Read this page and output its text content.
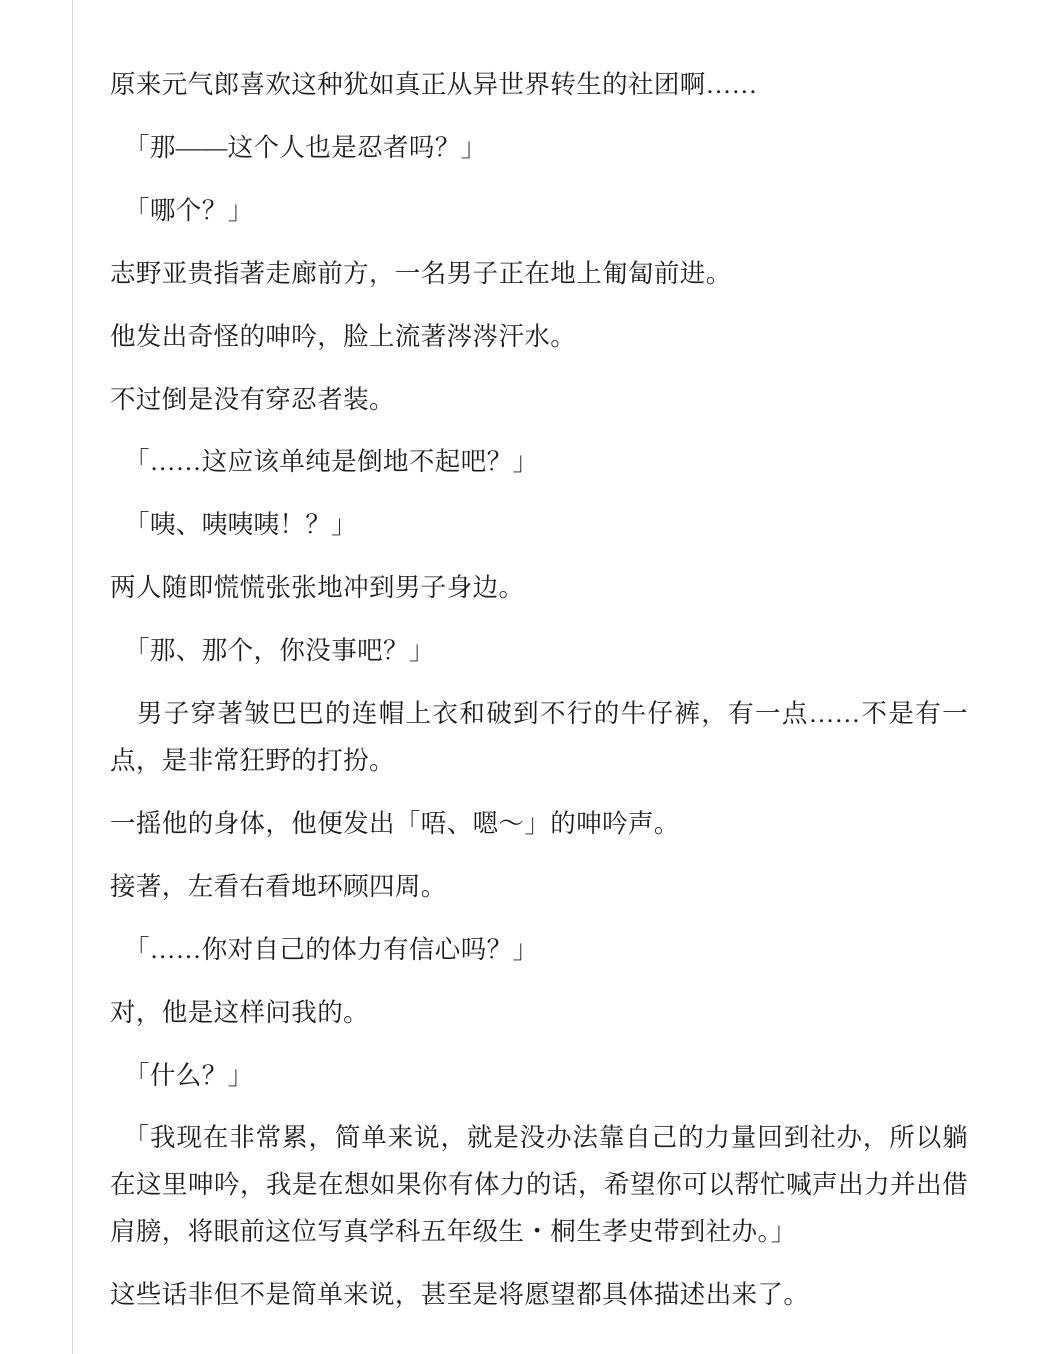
原来元气郎喜欢这种犹如真正从异世界转生的社团啊……

「那——这个人也是忍者吗？」

「哪个？」

志野亚贵指著走廊前方，一名男子正在地上匍匐前进。

他发出奇怪的呻吟，脸上流著涔涔汗水。

不过倒是没有穿忍者装。

「……这应该单纯是倒地不起吧？」

「咦、咦咦咦！？」

两人随即慌慌张张地冲到男子身边。

「那、那个，你没事吧？」

　男子穿著皱巴巴的连帽上衣和破到不行的牛仔裤，有一点……不是有一点，是非常狂野的打扮。

一摇他的身体，他便发出「唔、嗯～」的呻吟声。

接著，左看右看地环顾四周。

「……你对自己的体力有信心吗？」

对，他是这样问我的。

「什么？」

　「我现在非常累，简单来说，就是没办法靠自己的力量回到社办，所以躺在这里呻吟，我是在想如果你有体力的话，希望你可以帮忙喊声出力并出借肩膀，将眼前这位写真学科五年级生・桐生孝史带到社办。」

这些话非但不是简单来说，甚至是将愿望都具体描述出来了。
